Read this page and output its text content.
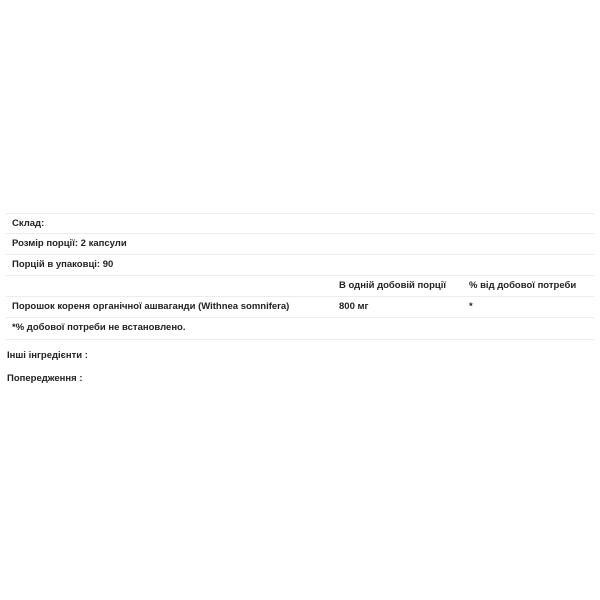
Склад:
Розмір порції: 2 капсули
Порцій в упаковці: 90
В одній добовій порції % від добової потреби
Порошок кореня органічної ашваганди (Withnea somnifera)	800 мг	*
*% добової потреби не встановлено.
Інші інгредієнти :
Попередження :
